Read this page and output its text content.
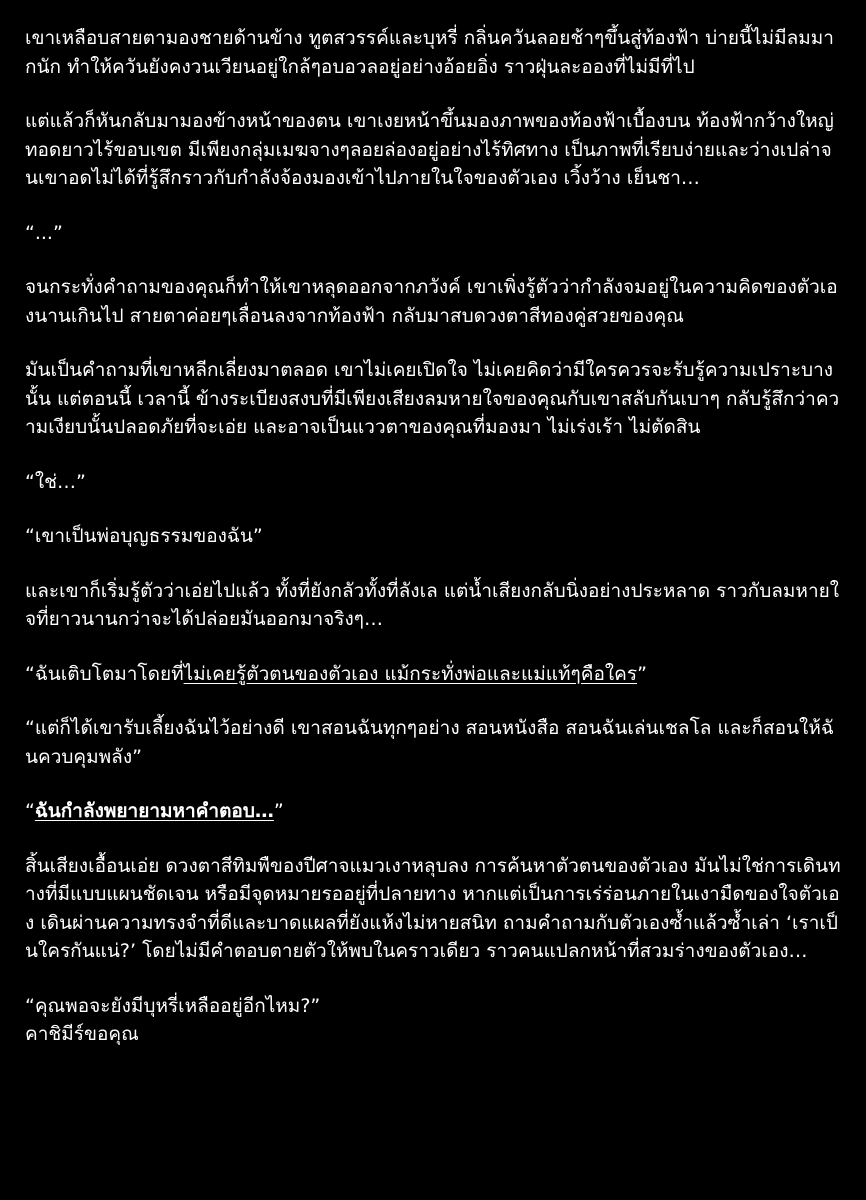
เขาเหลือบสายตามองชายด้านข้าง ทูตสวรรค์และบุหรี่ กลิ่นควันลอยช้าๆขึ้นสู่ท้องฟ้า บ่ายนี้ไม่มีลมมากนัก ทำให้ควันยังคงวนเวียนอยู่ใกล้ๆอบอวลอยู่อย่างอ้อยอิ่ง ราวฝุ่นละอองที่ไม่มีที่ไป

แต่แล้วก็หันกลับมามองข้างหน้าของตน เขาเงยหน้าขึ้นมองภาพของท้องฟ้าเบื้องบน ท้องฟ้ากว้างใหญ่ทอดยาวไร้ขอบเขต มีเพียงกลุ่มเมฆจางๆลอยล่องอยู่อย่างไร้ทิศทาง เป็นภาพที่เรียบง่ายและว่างเปล่าจนเขาอดไม่ได้ที่รู้สึกราวกับกำลังจ้องมองเข้าไปภายในใจของตัวเอง เวิ้งว้าง เย็นชา…

“...”

จนกระทั่งคำถามของคุณก็ทำให้เขาหลุดออกจากภวังค์ เขาเพิ่งรู้ตัวว่ากำลังจมอยู่ในความคิดของตัวเองนานเกินไป สายตาค่อยๆเลื่อนลงจากท้องฟ้า กลับมาสบดวงตาสีทองคู่สวยของคุณ

มันเป็นคำถามที่เขาหลีกเลี่ยงมาตลอด เขาไม่เคยเปิดใจ ไม่เคยคิดว่ามีใครควรจะรับรู้ความเปราะบางนั้น แต่ตอนนี้ เวลานี้ ข้างระเบียงสงบที่มีเพียงเสียงลมหายใจของคุณกับเขาสลับกันเบาๆ กลับรู้สึกว่าความเงียบนั้นปลอดภัยที่จะเอ่ย และอาจเป็นแววตาของคุณที่มองมา ไม่เร่งเร้า ไม่ตัดสิน

“ใช่…”

“เขาเป็นพ่อบุญธรรมของฉัน”

และเขาก็เริ่มรู้ตัวว่าเอ่ยไปแล้ว ทั้งที่ยังกลัวทั้งที่ลังเล แต่น้ำเสียงกลับนิ่งอย่างประหลาด ราวกับลมหายใจที่ยาวนานกว่าจะได้ปล่อยมันออกมาจริงๆ…

“ฉันเติบโตมาโดยที่ไม่เคยรู้ตัวตนของตัวเอง แม้กระทั่งพ่อและแม่แท้ๆคือใคร”

“แต่ก็ได้เขารับเลี้ยงฉันไว้อย่างดี เขาสอนฉันทุกๆอย่าง สอนหนังสือ สอนฉันเล่นเชลโล และก็สอนให้ฉันควบคุมพลัง”

“ฉันกำลังพยายามหาคำตอบ…”

สิ้นเสียงเอื้อนเอ่ย ดวงตาสีทิมพืของปีศาจแมวเงาหลุบลง การค้นหาตัวตนของตัวเอง มันไม่ใช่การเดินทางที่มีแบบแผนชัดเจน หรือมีจุดหมายรออยู่ที่ปลายทาง หากแต่เป็นการเร่ร่อนภายในเงามืดของใจตัวเอง เดินผ่านความทรงจำที่ดีและบาดแผลที่ยังแห้งไม่หายสนิท ถามคำถามกับตัวเองซ้ำแล้วซ้ำเล่า ‘เราเป็นใครกันแน่?’ โดยไม่มีคำตอบตายตัวให้พบในคราวเดียว ราวคนแปลกหน้าที่สวมร่างของตัวเอง…

“คุณพอจะยังมีบุหรี่เหลืออยู่อีกไหม?”

คาชิมีร์ขอคุณ
